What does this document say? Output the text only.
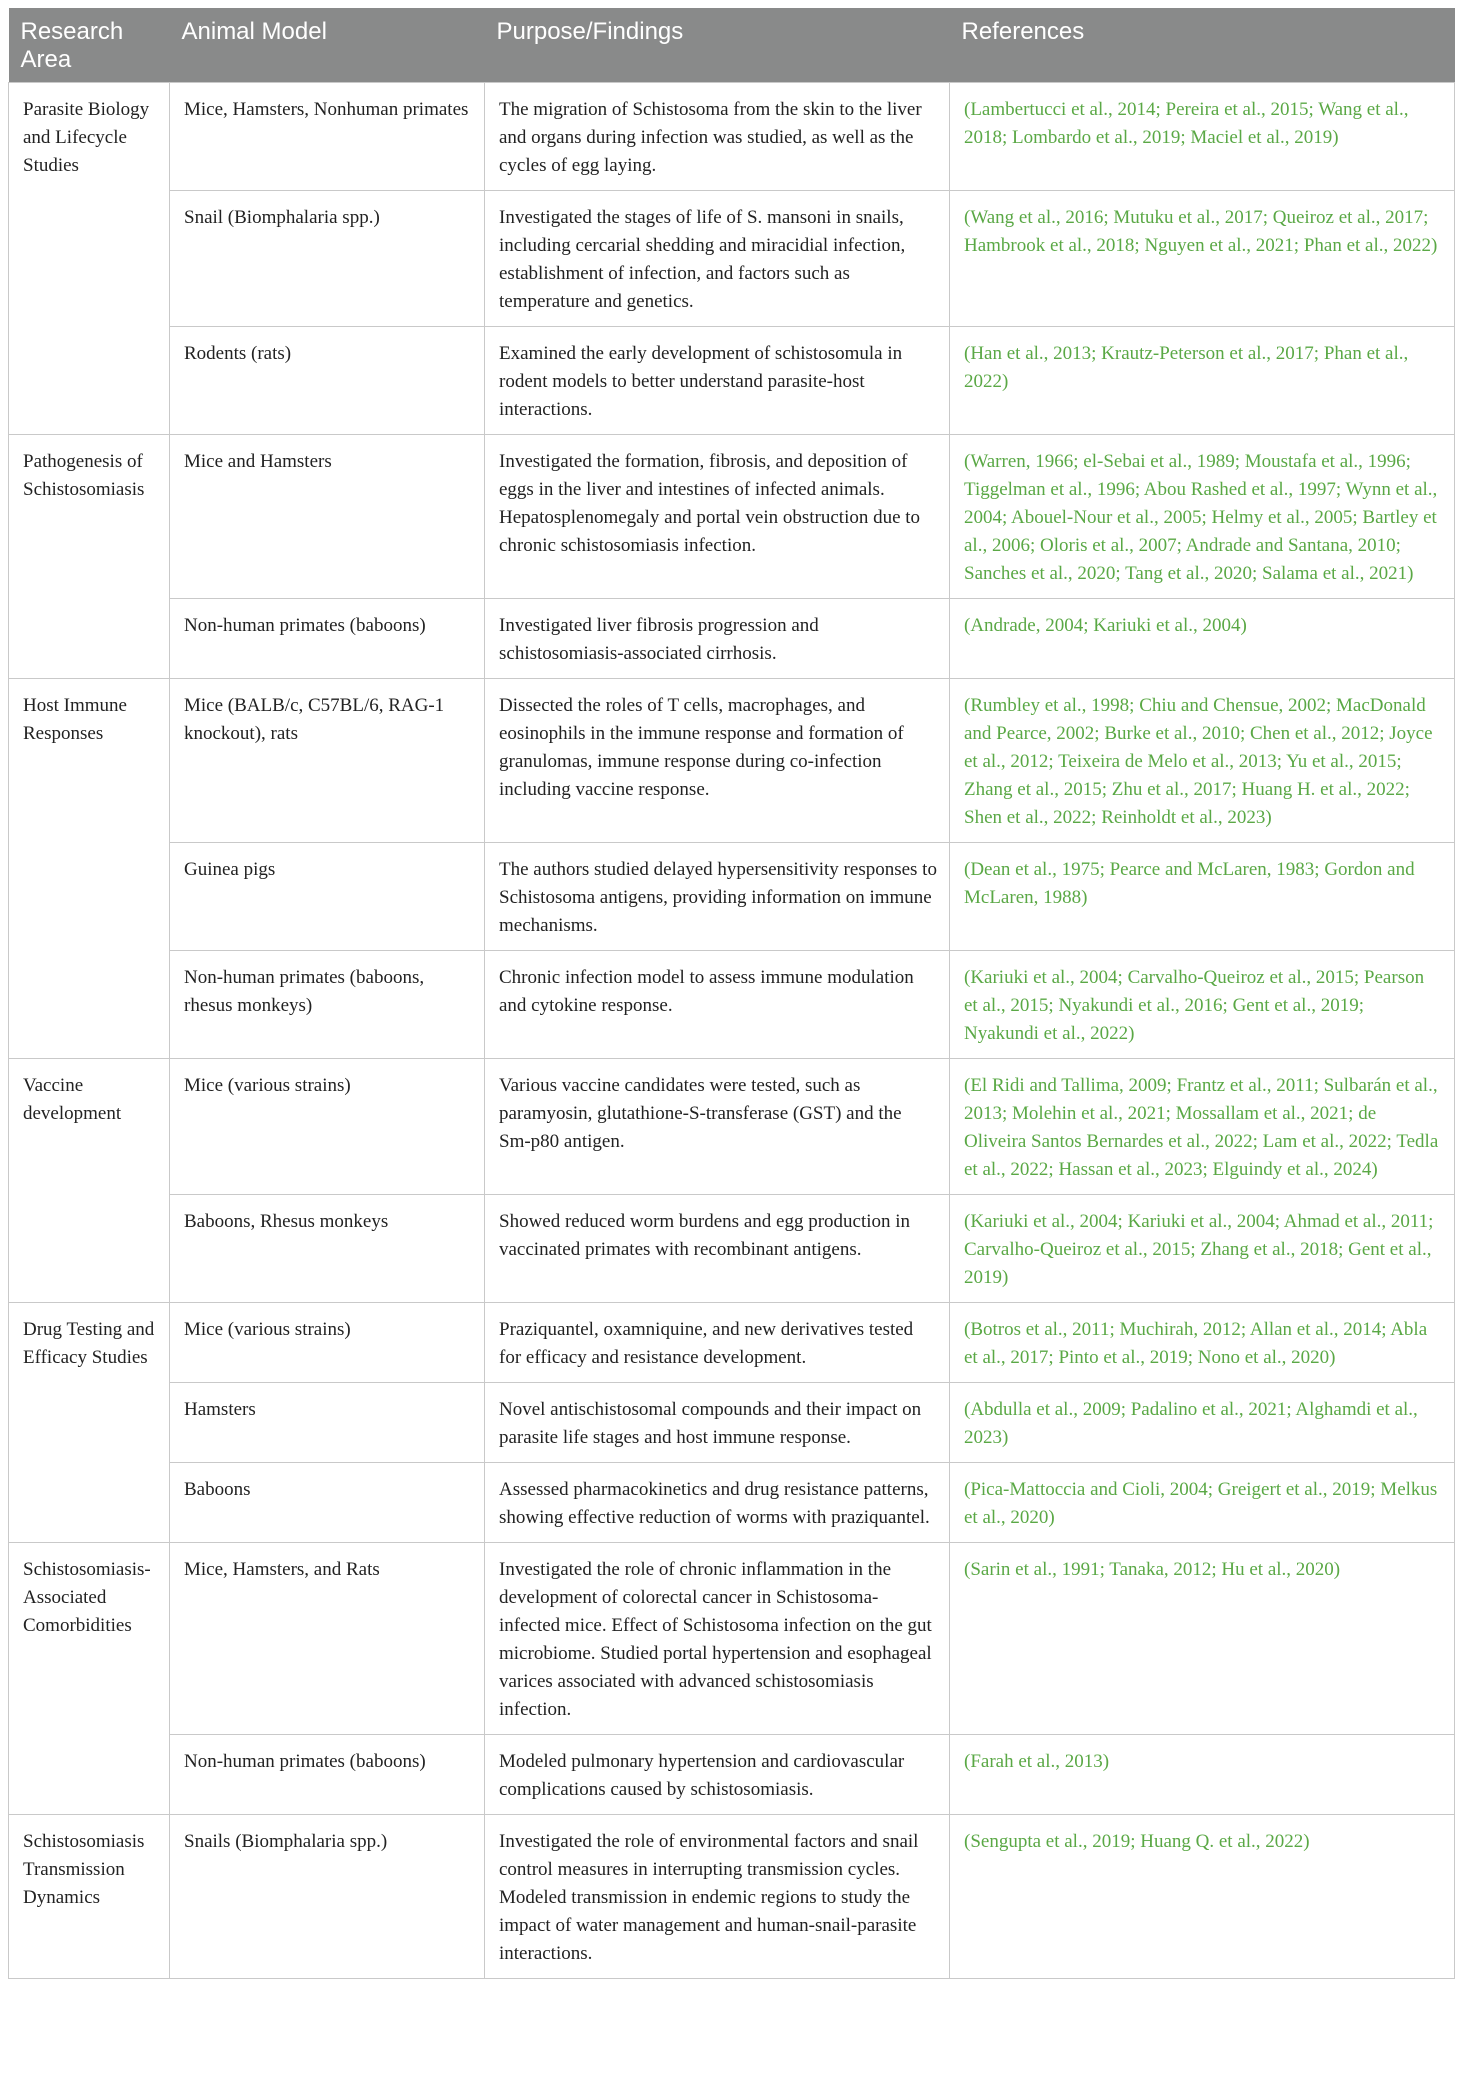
Research Area	Animal Model	Purpose/Findings	References
Parasite Biology and Lifecycle Studies	Mice, Hamsters, Nonhuman primates	The migration of Schistosoma from the skin to the liver and organs during infection was studied, as well as the cycles of egg laying.	(Lambertucci et al., 2014; Pereira et al., 2015; Wang et al., 2018; Lombardo et al., 2019; Maciel et al., 2019)
	Snail (Biomphalaria spp.)	Investigated the stages of life of S. mansoni in snails, including cercarial shedding and miracidial infection, establishment of infection, and factors such as temperature and genetics.	(Wang et al., 2016; Mutuku et al., 2017; Queiroz et al., 2017; Hambrook et al., 2018; Nguyen et al., 2021; Phan et al., 2022)
	Rodents (rats)	Examined the early development of schistosomula in rodent models to better understand parasite-host interactions.	(Han et al., 2013; Krautz-Peterson et al., 2017; Phan et al., 2022)
Pathogenesis of Schistosomiasis	Mice and Hamsters	Investigated the formation, fibrosis, and deposition of eggs in the liver and intestines of infected animals. Hepatosplenomegaly and portal vein obstruction due to chronic schistosomiasis infection.	(Warren, 1966; el-Sebai et al., 1989; Moustafa et al., 1996; Tiggelman et al., 1996; Abou Rashed et al., 1997; Wynn et al., 2004; Abouel-Nour et al., 2005; Helmy et al., 2005; Bartley et al., 2006; Oloris et al., 2007; Andrade and Santana, 2010; Sanches et al., 2020; Tang et al., 2020; Salama et al., 2021)
	Non-human primates (baboons)	Investigated liver fibrosis progression and schistosomiasis-associated cirrhosis.	(Andrade, 2004; Kariuki et al., 2004)
Host Immune Responses	Mice (BALB/c, C57BL/6, RAG-1 knockout), rats	Dissected the roles of T cells, macrophages, and eosinophils in the immune response and formation of granulomas, immune response during co-infection including vaccine response.	(Rumbley et al., 1998; Chiu and Chensue, 2002; MacDonald and Pearce, 2002; Burke et al., 2010; Chen et al., 2012; Joyce et al., 2012; Teixeira de Melo et al., 2013; Yu et al., 2015; Zhang et al., 2015; Zhu et al., 2017; Huang H. et al., 2022; Shen et al., 2022; Reinholdt et al., 2023)
	Guinea pigs	The authors studied delayed hypersensitivity responses to Schistosoma antigens, providing information on immune mechanisms.	(Dean et al., 1975; Pearce and McLaren, 1983; Gordon and McLaren, 1988)
	Non-human primates (baboons, rhesus monkeys)	Chronic infection model to assess immune modulation and cytokine response.	(Kariuki et al., 2004; Carvalho-Queiroz et al., 2015; Pearson et al., 2015; Nyakundi et al., 2016; Gent et al., 2019; Nyakundi et al., 2022)
Vaccine development	Mice (various strains)	Various vaccine candidates were tested, such as paramyosin, glutathione-S-transferase (GST) and the Sm-p80 antigen.	(El Ridi and Tallima, 2009; Frantz et al., 2011; Sulbarán et al., 2013; Molehin et al., 2021; Mossallam et al., 2021; de Oliveira Santos Bernardes et al., 2022; Lam et al., 2022; Tedla et al., 2022; Hassan et al., 2023; Elguindy et al., 2024)
	Baboons, Rhesus monkeys	Showed reduced worm burdens and egg production in vaccinated primates with recombinant antigens.	(Kariuki et al., 2004; Kariuki et al., 2004; Ahmad et al., 2011; Carvalho-Queiroz et al., 2015; Zhang et al., 2018; Gent et al., 2019)
Drug Testing and Efficacy Studies	Mice (various strains)	Praziquantel, oxamniquine, and new derivatives tested for efficacy and resistance development.	(Botros et al., 2011; Muchirah, 2012; Allan et al., 2014; Abla et al., 2017; Pinto et al., 2019; Nono et al., 2020)
	Hamsters	Novel antischistosomal compounds and their impact on parasite life stages and host immune response.	(Abdulla et al., 2009; Padalino et al., 2021; Alghamdi et al., 2023)
	Baboons	Assessed pharmacokinetics and drug resistance patterns, showing effective reduction of worms with praziquantel.	(Pica-Mattoccia and Cioli, 2004; Greigert et al., 2019; Melkus et al., 2020)
Schistosomiasis-Associated Comorbidities	Mice, Hamsters, and Rats	Investigated the role of chronic inflammation in the development of colorectal cancer in Schistosoma-infected mice. Effect of Schistosoma infection on the gut microbiome. Studied portal hypertension and esophageal varices associated with advanced schistosomiasis infection.	(Sarin et al., 1991; Tanaka, 2012; Hu et al., 2020)
	Non-human primates (baboons)	Modeled pulmonary hypertension and cardiovascular complications caused by schistosomiasis.	(Farah et al., 2013)
Schistosomiasis Transmission Dynamics	Snails (Biomphalaria spp.)	Investigated the role of environmental factors and snail control measures in interrupting transmission cycles. Modeled transmission in endemic regions to study the impact of water management and human-snail-parasite interactions.	(Sengupta et al., 2019; Huang Q. et al., 2022)
